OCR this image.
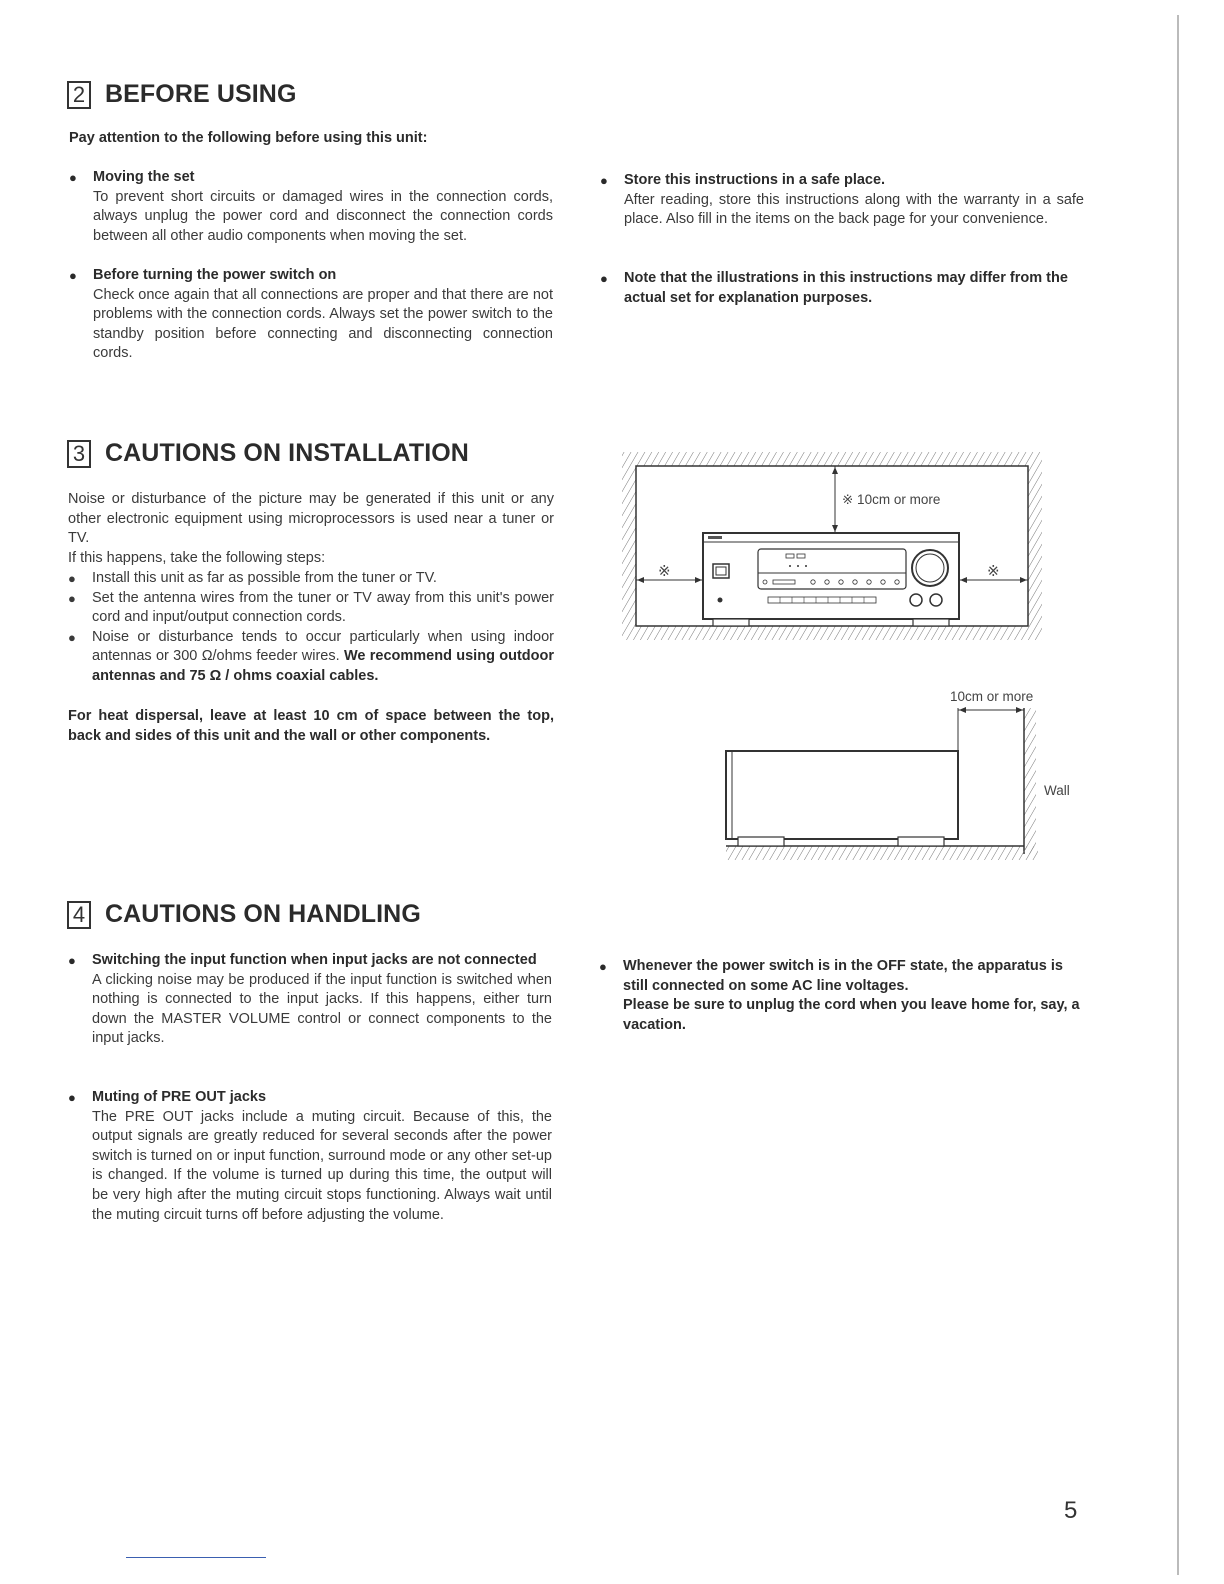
2 BEFORE USING
Pay attention to the following before using this unit:
● Moving the set
To prevent short circuits or damaged wires in the connection cords, always unplug the power cord and disconnect the connection cords between all other audio components when moving the set.
● Before turning the power switch on
Check once again that all connections are proper and that there are not problems with the connection cords. Always set the power switch to the standby position before connecting and disconnecting connection cords.
● Store this instructions in a safe place.
After reading, store this instructions along with the warranty in a safe place. Also fill in the items on the back page for your convenience.
● Note that the illustrations in this instructions may differ from the actual set for explanation purposes.
3 CAUTIONS ON INSTALLATION
Noise or disturbance of the picture may be generated if this unit or any other electronic equipment using microprocessors is used near a tuner or TV.
If this happens, take the following steps:
● Install this unit as far as possible from the tuner or TV.
● Set the antenna wires from the tuner or TV away from this unit's power cord and input/output connection cords.
● Noise or disturbance tends to occur particularly when using indoor antennas or 300 Ω/ohms feeder wires. We recommend using outdoor antennas and 75 Ω / ohms coaxial cables.
For heat dispersal, leave at least 10 cm of space between the top, back and sides of this unit and the wall or other components.
※ 10cm or more
※	※
10cm or more
Wall
4 CAUTIONS ON HANDLING
● Switching the input function when input jacks are not connected
A clicking noise may be produced if the input function is switched when nothing is connected to the input jacks. If this happens, either turn down the MASTER VOLUME control or connect components to the input jacks.
● Muting of PRE OUT jacks
The PRE OUT jacks include a muting circuit. Because of this, the output signals are greatly reduced for several seconds after the power switch is turned on or input function, surround mode or any other set-up is changed. If the volume is turned up during this time, the output will be very high after the muting circuit stops functioning. Always wait until the muting circuit turns off before adjusting the volume.
● Whenever the power switch is in the OFF state, the apparatus is still connected on some AC line voltages.
Please be sure to unplug the cord when you leave home for, say, a vacation.
5
